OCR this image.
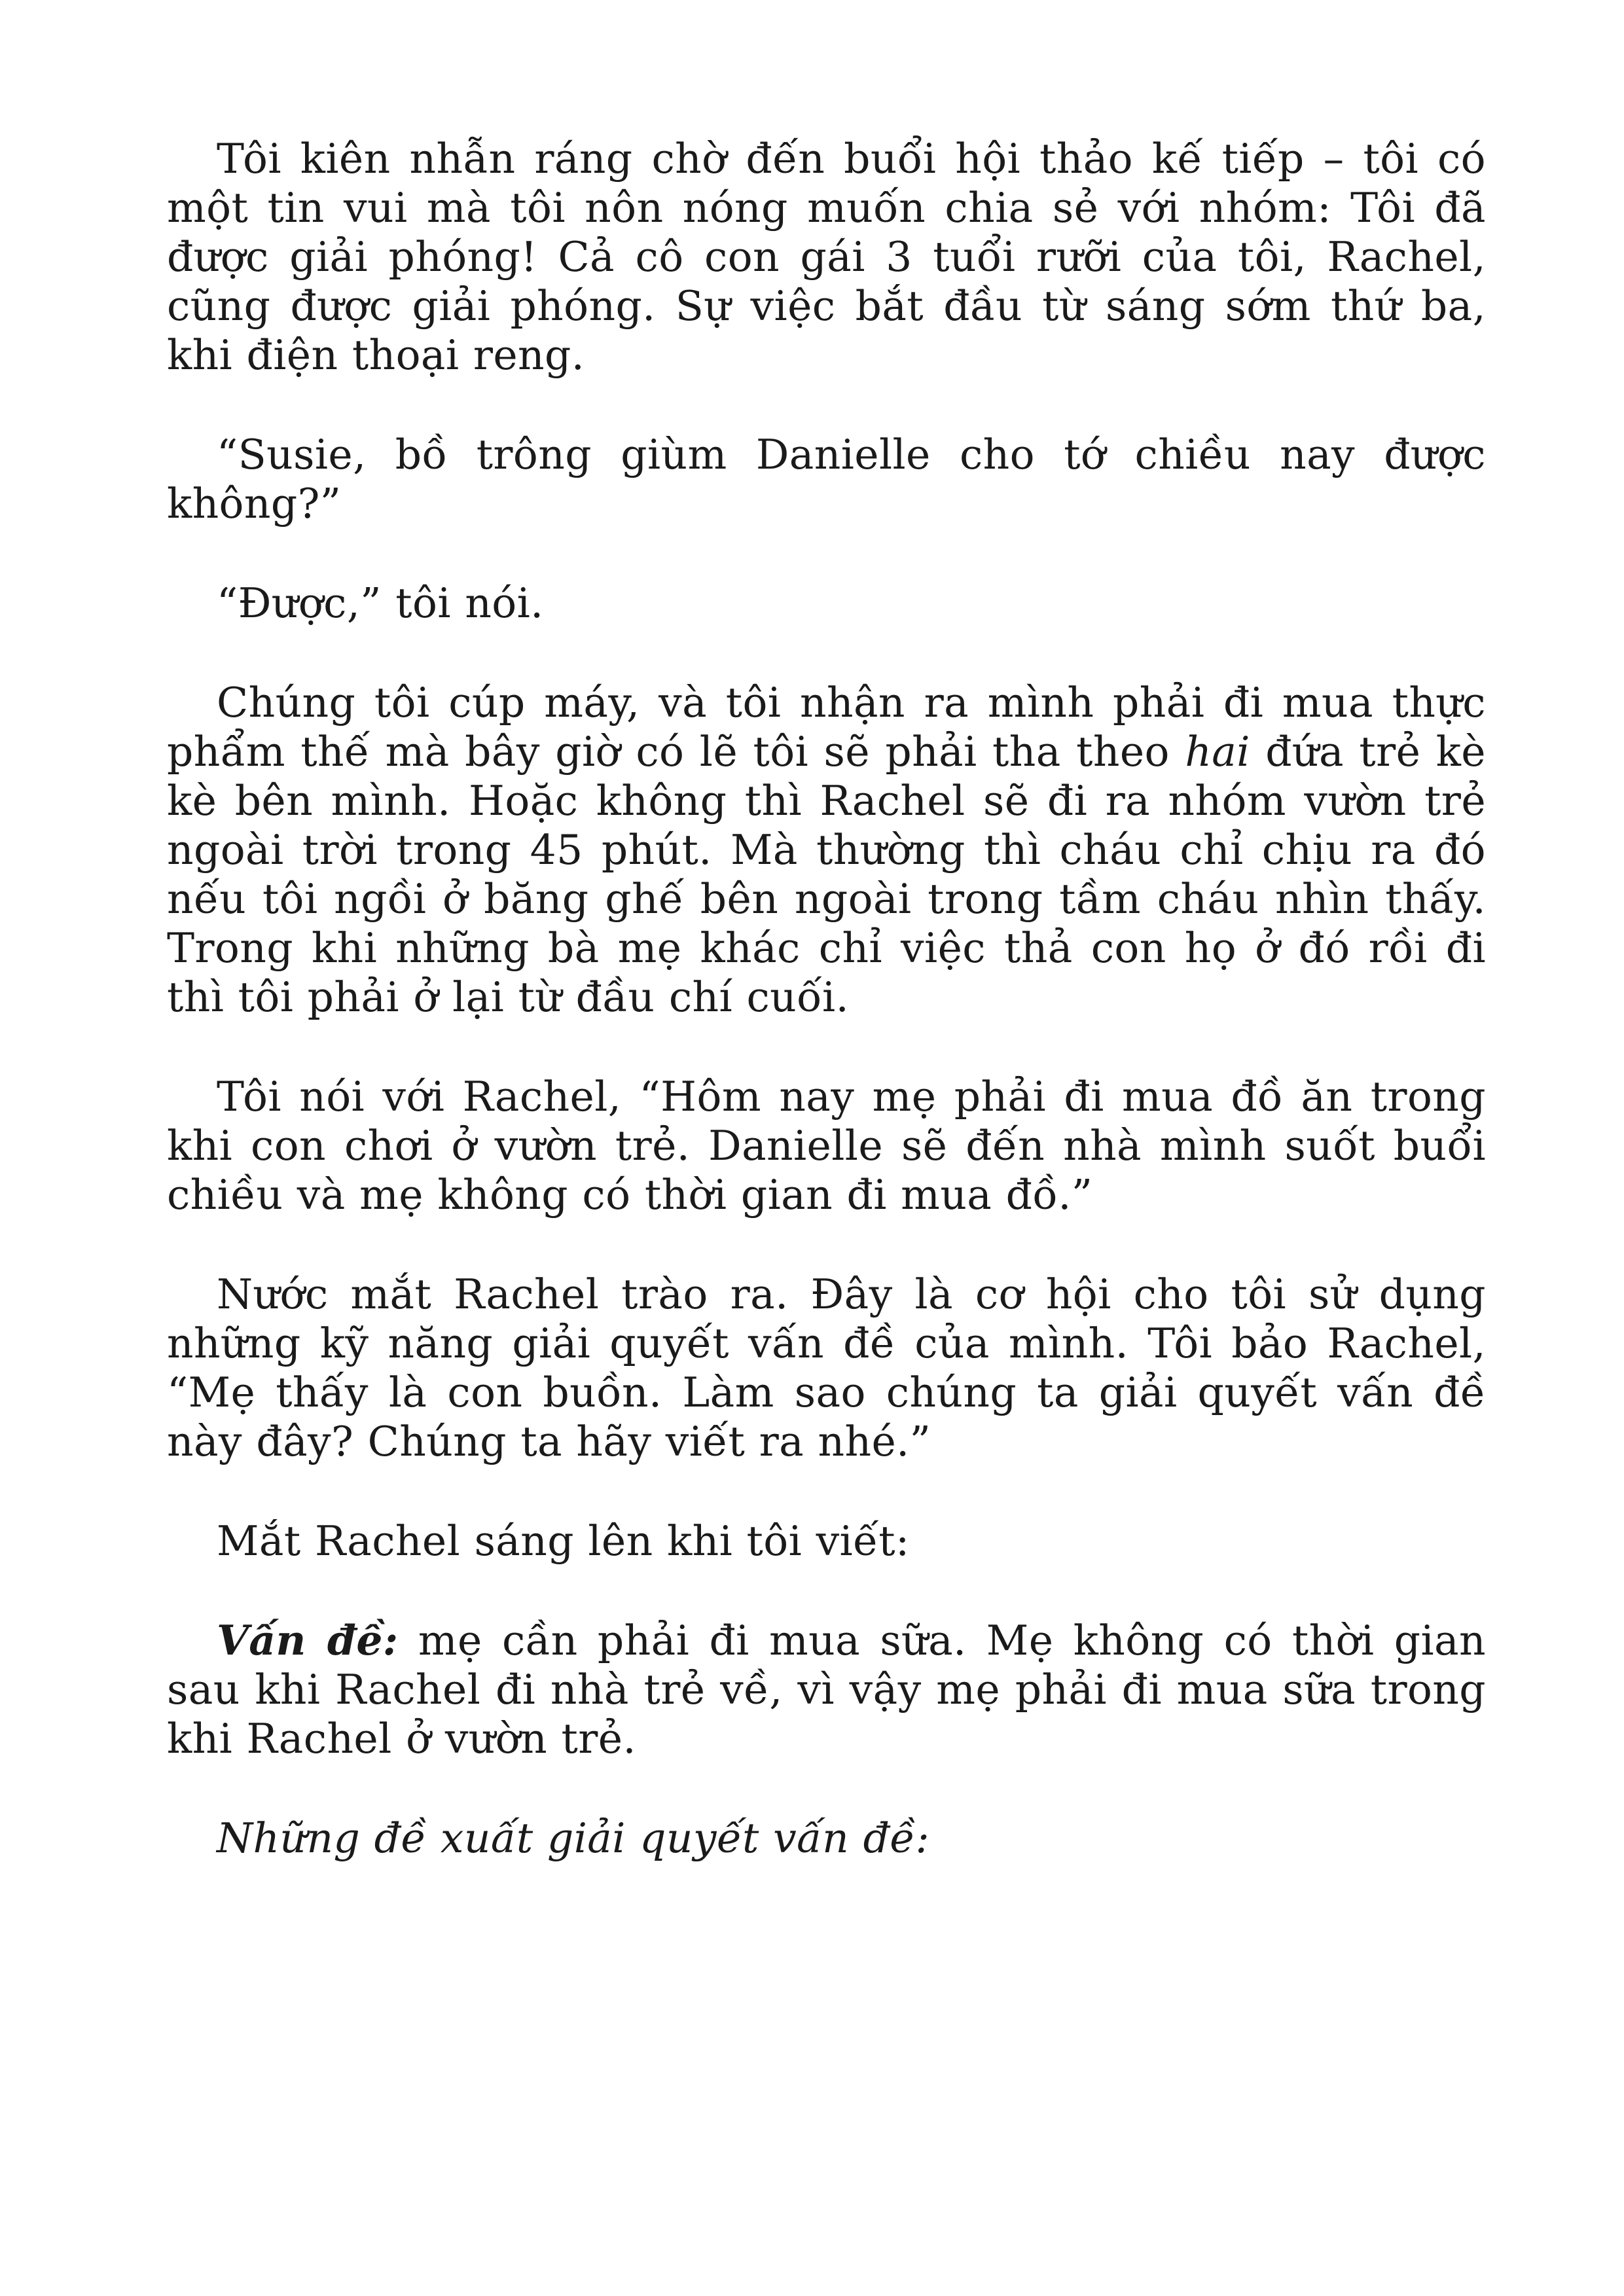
Tôi kiên nhẫn ráng chờ đến buổi hội thảo kế tiếp – tôi có một tin vui mà tôi nôn nóng muốn chia sẻ với nhóm: Tôi đã được giải phóng! Cả cô con gái 3 tuổi rưỡi của tôi, Rachel, cũng được giải phóng. Sự việc bắt đầu từ sáng sớm thứ ba, khi điện thoại reng.

“Susie, bồ trông giùm Danielle cho tớ chiều nay được không?”

“Được,” tôi nói.

Chúng tôi cúp máy, và tôi nhận ra mình phải đi mua thực phẩm thế mà bây giờ có lẽ tôi sẽ phải tha theo hai đứa trẻ kè kè bên mình. Hoặc không thì Rachel sẽ đi ra nhóm vườn trẻ ngoài trời trong 45 phút. Mà thường thì cháu chỉ chịu ra đó nếu tôi ngồi ở băng ghế bên ngoài trong tầm cháu nhìn thấy. Trong khi những bà mẹ khác chỉ việc thả con họ ở đó rồi đi thì tôi phải ở lại từ đầu chí cuối.

Tôi nói với Rachel, “Hôm nay mẹ phải đi mua đồ ăn trong khi con chơi ở vườn trẻ. Danielle sẽ đến nhà mình suốt buổi chiều và mẹ không có thời gian đi mua đồ.”

Nước mắt Rachel trào ra. Đây là cơ hội cho tôi sử dụng những kỹ năng giải quyết vấn đề của mình. Tôi bảo Rachel, “Mẹ thấy là con buồn. Làm sao chúng ta giải quyết vấn đề này đây? Chúng ta hãy viết ra nhé.”

Mắt Rachel sáng lên khi tôi viết:

Vấn đề: mẹ cần phải đi mua sữa. Mẹ không có thời gian sau khi Rachel đi nhà trẻ về, vì vậy mẹ phải đi mua sữa trong khi Rachel ở vườn trẻ.

Những đề xuất giải quyết vấn đề:
